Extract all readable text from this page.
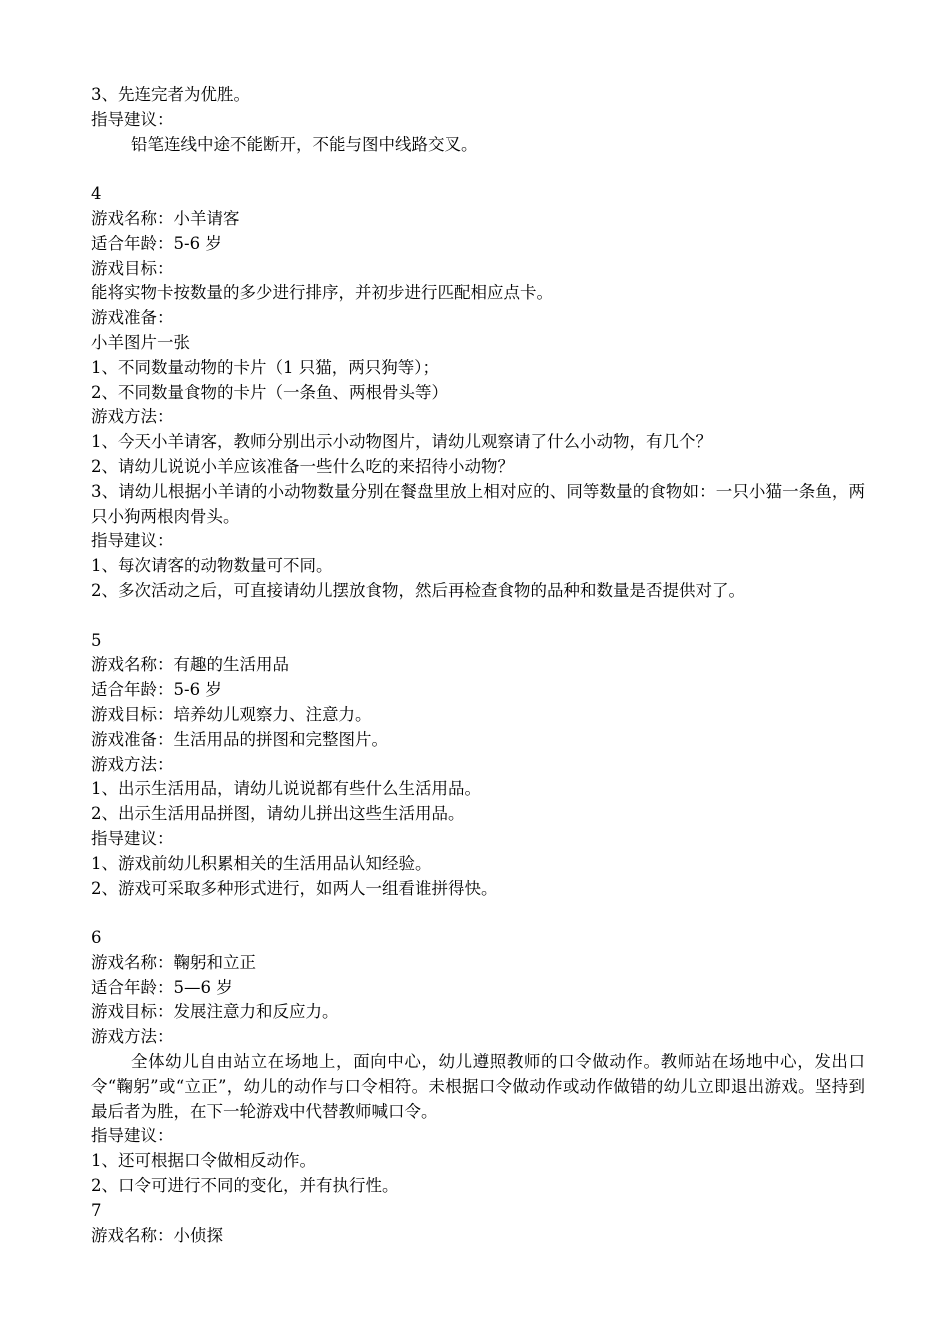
3、先连完者为优胜。

指导建议：

铅笔连线中途不能断开，不能与图中线路交叉。

4

游戏名称：小羊请客

适合年龄：5-6 岁

游戏目标：

能将实物卡按数量的多少进行排序，并初步进行匹配相应点卡。

游戏准备：

小羊图片一张

1、不同数量动物的卡片（1 只猫，两只狗等）；

2、不同数量食物的卡片（一条鱼、两根骨头等）

游戏方法：

1、今天小羊请客，教师分别出示小动物图片，请幼儿观察请了什么小动物，有几个？

2、请幼儿说说小羊应该准备一些什么吃的来招待小动物？

3、请幼儿根据小羊请的小动物数量分别在餐盘里放上相对应的、同等数量的食物如：一只小猫一条鱼，两只小狗两根肉骨头。

指导建议：

1、每次请客的动物数量可不同。

2、多次活动之后，可直接请幼儿摆放食物，然后再检查食物的品种和数量是否提供对了。

5

游戏名称：有趣的生活用品

适合年龄：5-6 岁

游戏目标：培养幼儿观察力、注意力。

游戏准备：生活用品的拼图和完整图片。

游戏方法：

1、出示生活用品，请幼儿说说都有些什么生活用品。

2、出示生活用品拼图，请幼儿拼出这些生活用品。

指导建议：

1、游戏前幼儿积累相关的生活用品认知经验。

2、游戏可采取多种形式进行，如两人一组看谁拼得快。

6

游戏名称：鞠躬和立正

适合年龄：5—6 岁

游戏目标：发展注意力和反应力。

游戏方法：

全体幼儿自由站立在场地上，面向中心，幼儿遵照教师的口令做动作。教师站在场地中心，发出口令“鞠躬”或“立正”，幼儿的动作与口令相符。未根据口令做动作或动作做错的幼儿立即退出游戏。坚持到最后者为胜，在下一轮游戏中代替教师喊口令。

指导建议：

1、还可根据口令做相反动作。

2、口令可进行不同的变化，并有执行性。

7

游戏名称：小侦探
